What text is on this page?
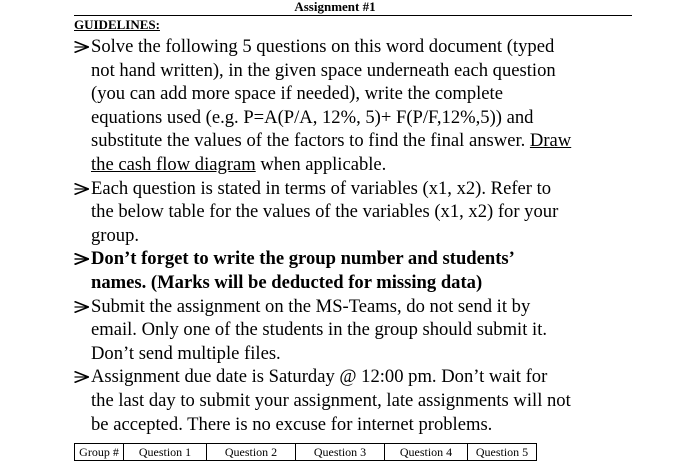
Assignment #1
GUIDELINES:
Solve the following 5 questions on this word document (typed
not hand written), in the given space underneath each question
(you can add more space if needed), write the complete
equations used (e.g. P=A(P/A, 12%, 5)+ F(P/F,12%,5)) and
substitute the values of the factors to find the final answer. Draw
the cash flow diagram when applicable.
Each question is stated in terms of variables (x1, x2). Refer to
the below table for the values of the variables (x1, x2) for your
group.
Don’t forget to write the group number and students’
names. (Marks will be deducted for missing data)
Submit the assignment on the MS-Teams, do not send it by
email. Only one of the students in the group should submit it.
Don’t send multiple files.
Assignment due date is Saturday @ 12:00 pm. Don’t wait for
the last day to submit your assignment, late assignments will not
be accepted. There is no excuse for internet problems.
Group #	Question 1	Question 2	Question 3	Question 4	Question 5
